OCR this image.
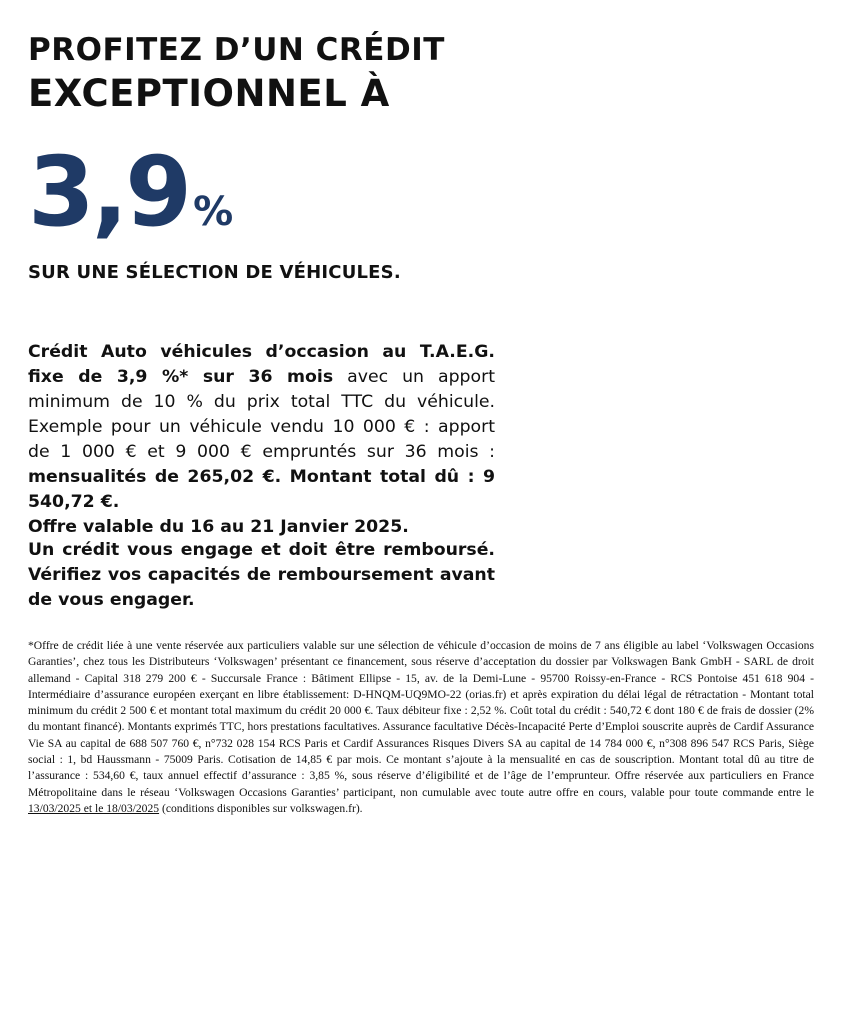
PROFITEZ D’UN CRÉDIT
EXCEPTIONNEL À
3,9 %
SUR UNE SÉLECTION DE VÉHICULES.

Crédit Auto véhicules d’occasion au T.A.E.G. fixe de 3,9 %* sur 36 mois avec un apport minimum de 10 % du prix total TTC du véhicule. Exemple pour un véhicule vendu 10 000 € : apport de 1 000 € et 9 000 € empruntés sur 36 mois : mensualités de 265,02 €. Montant total dû : 9 540,72 €.

Offre valable du 16 au 21 Janvier 2025.

Un crédit vous engage et doit être remboursé. Vérifiez vos capacités de remboursement avant de vous engager.
*Offre de crédit liée à une vente réservée aux particuliers valable sur une sélection de véhicule d’occasion de moins de 7 ans éligible au label ‘Volkswagen Occasions Garanties’, chez tous les Distributeurs ‘Volkswagen’ présentant ce financement, sous réserve d’acceptation du dossier par Volkswagen Bank GmbH - SARL de droit allemand - Capital 318 279 200 € - Succursale France : Bâtiment Ellipse - 15, av. de la Demi-Lune - 95700 Roissy-en-France - RCS Pontoise 451 618 904 - Intermédiaire d’assurance européen exerçant en libre établissement: D-HNQM-UQ9MO-22 (orias.fr) et après expiration du délai légal de rétractation - Montant total minimum du crédit 2 500 € et montant total maximum du crédit 20 000 €. Taux débiteur fixe : 2,52 %. Coût total du crédit : 540,72 € dont 180 € de frais de dossier (2% du montant financé). Montants exprimés TTC, hors prestations facultatives. Assurance facultative Décès-Incapacité Perte d’Emploi souscrite auprès de Cardif Assurance Vie SA au capital de 688 507 760 €, n°732 028 154 RCS Paris et Cardif Assurances Risques Divers SA au capital de 14 784 000 €, n°308 896 547 RCS Paris, Siège social : 1, bd Haussmann - 75009 Paris. Cotisation de 14,85 € par mois. Ce montant s’ajoute à la mensualité en cas de souscription. Montant total dû au titre de l’assurance : 534,60 €, taux annuel effectif d’assurance : 3,85 %, sous réserve d’éligibilité et de l’âge de l’emprunteur. Offre réservée aux particuliers en France Métropolitaine dans le réseau ‘Volkswagen Occasions Garanties’ participant, non cumulable avec toute autre offre en cours, valable pour toute commande entre le 13/03/2025 et le 18/03/2025 (conditions disponibles sur volkswagen.fr).
